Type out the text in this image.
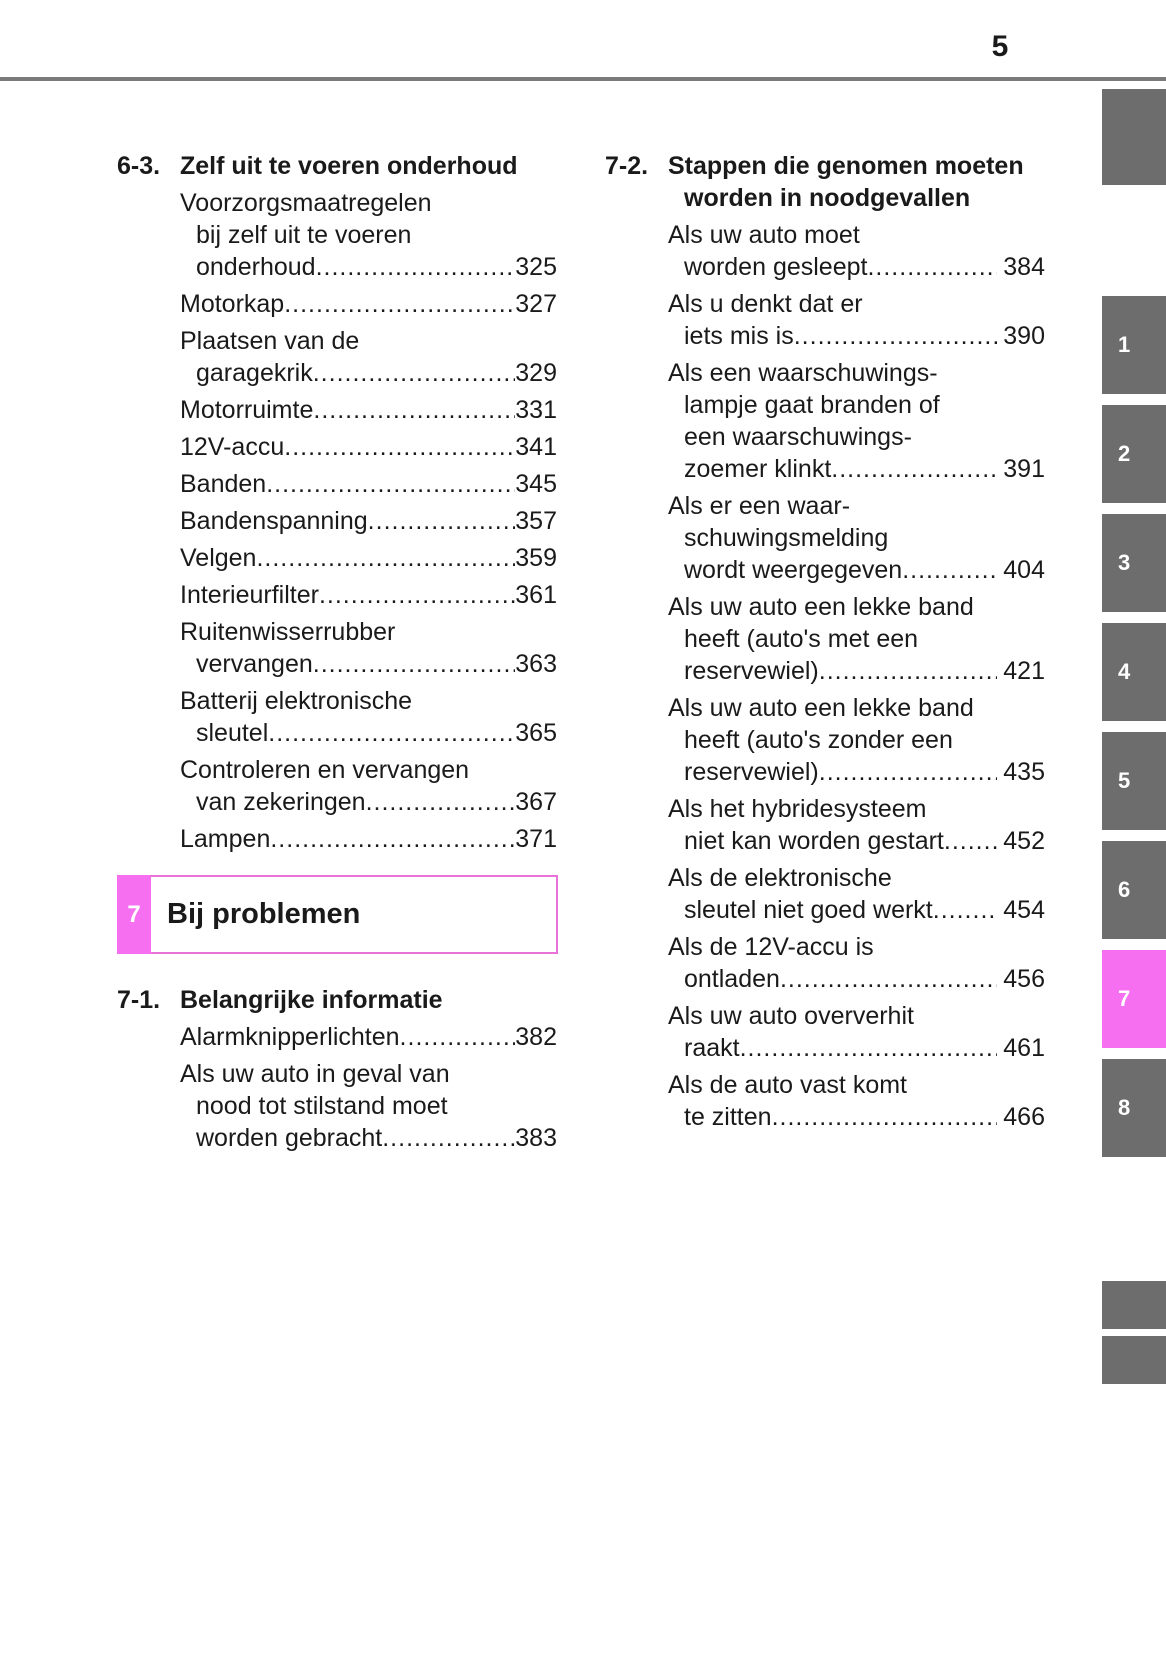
5
6-3. Zelf uit te voeren onderhoud
Voorzorgsmaatregelen
bij zelf uit te voeren
onderhoud .....	325
Motorkap .....	327
Plaatsen van de
garagekrik .....	329
Motorruimte .....	331
12V-accu .....	341
Banden .....	345
Bandenspanning .....	357
Velgen .....	359
Interieurfilter .....	361
Ruitenwisserrubber
vervangen .....	363
Batterij elektronische
sleutel .....	365
Controleren en vervangen
van zekeringen .....	367
Lampen .....	371
7 Bij problemen
7-1. Belangrijke informatie
Alarmknipperlichten .....	382
Als uw auto in geval van
nood tot stilstand moet
worden gebracht .....	383
7-2. Stappen die genomen moeten
worden in noodgevallen
Als uw auto moet
worden gesleept .....	384
Als u denkt dat er
iets mis is .....	390
Als een waarschuwings-
lampje gaat branden of
een waarschuwings-
zoemer klinkt .....	391
Als er een waar-
schuwingsmelding
wordt weergegeven .....	404
Als uw auto een lekke band
heeft (auto's met een
reservewiel) .....	421
Als uw auto een lekke band
heeft (auto's zonder een
reservewiel) .....	435
Als het hybridesysteem
niet kan worden gestart ..... 452
Als de elektronische
sleutel niet goed werkt .....	454
Als de 12V-accu is
ontladen .....	456
Als uw auto oververhit
raakt .....	461
Als de auto vast komt
te zitten .....	466
1
2
3
4
5
6
7
8
